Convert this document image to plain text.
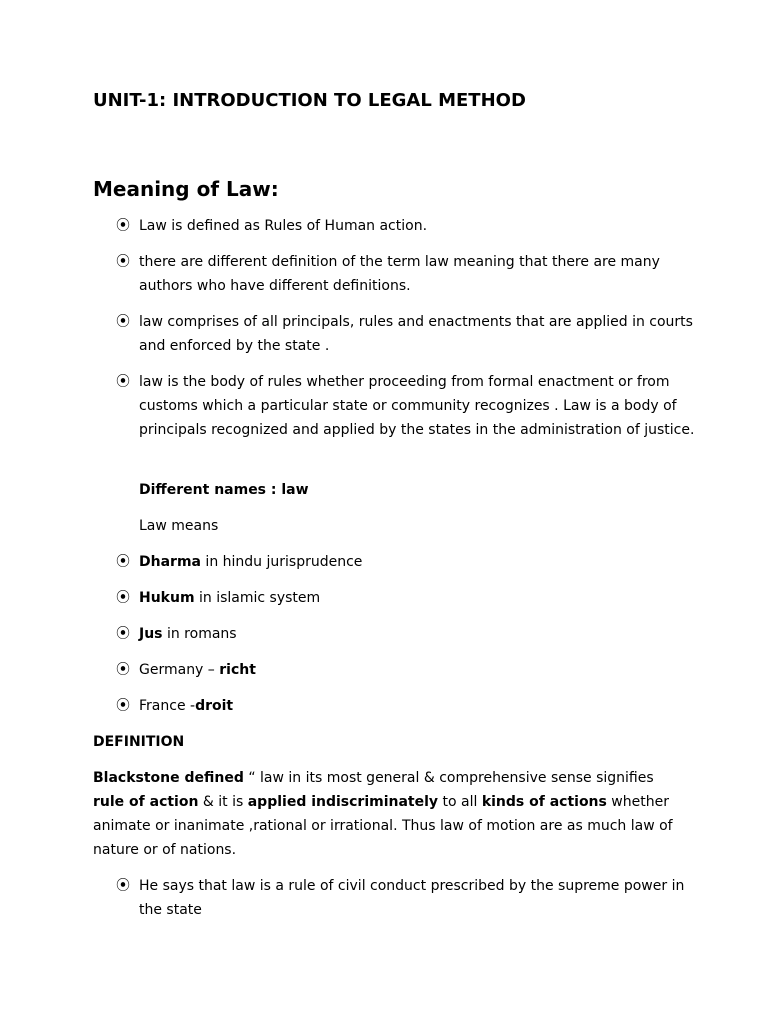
UNIT-1: INTRODUCTION TO LEGAL METHOD
Meaning of Law:
⦿ Law is defined as Rules of Human action.
⦿ there are different definition of the term law meaning that there are many authors who have different definitions.
⦿ law comprises of all principals, rules and enactments that are applied in courts and enforced by the state .
⦿ law is the body of rules whether proceeding from formal enactment or from customs which a particular state or community recognizes . Law is a body of principals recognized and applied by the states in the administration of justice.

Different names : law

Law means

⦿ Dharma in hindu jurisprudence
⦿ Hukum in islamic system
⦿ Jus in romans
⦿ Germany – richt
⦿ France -droit

DEFINITION

Blackstone defined “ law in its most general & comprehensive sense signifies rule of action & it is applied indiscriminately to all kinds of actions whether animate or inanimate ,rational or irrational. Thus law of motion are as much law of nature or of nations.

⦿ He says that law is a rule of civil conduct prescribed by the supreme power in the state
